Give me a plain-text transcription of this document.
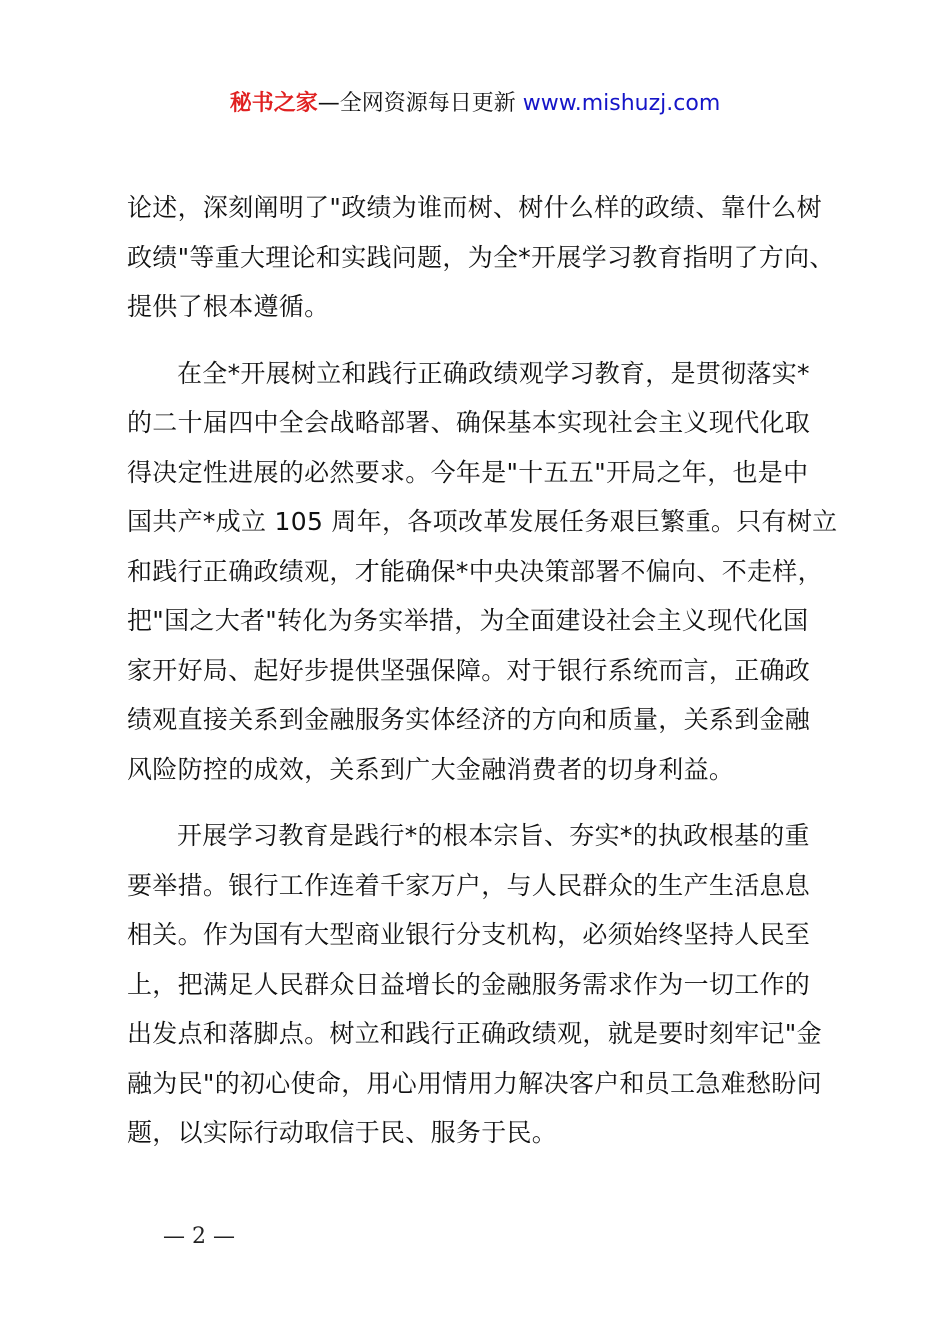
秘书之家—全网资源每日更新 www.mishuzj.com

论述，深刻阐明了"政绩为谁而树、树什么样的政绩、靠什么树
政绩"等重大理论和实践问题，为全*开展学习教育指明了方向、
提供了根本遵循。

在全*开展树立和践行正确政绩观学习教育，是贯彻落实*
的二十届四中全会战略部署、确保基本实现社会主义现代化取
得决定性进展的必然要求。今年是"十五五"开局之年，也是中
国共产*成立 105 周年，各项改革发展任务艰巨繁重。只有树立
和践行正确政绩观，才能确保*中央决策部署不偏向、不走样，
把"国之大者"转化为务实举措，为全面建设社会主义现代化国
家开好局、起好步提供坚强保障。对于银行系统而言，正确政
绩观直接关系到金融服务实体经济的方向和质量，关系到金融
风险防控的成效，关系到广大金融消费者的切身利益。

开展学习教育是践行*的根本宗旨、夯实*的执政根基的重
要举措。银行工作连着千家万户，与人民群众的生产生活息息
相关。作为国有大型商业银行分支机构，必须始终坚持人民至
上，把满足人民群众日益增长的金融服务需求作为一切工作的
出发点和落脚点。树立和践行正确政绩观，就是要时刻牢记"金
融为民"的初心使命，用心用情用力解决客户和员工急难愁盼问
题，以实际行动取信于民、服务于民。

— 2 —
